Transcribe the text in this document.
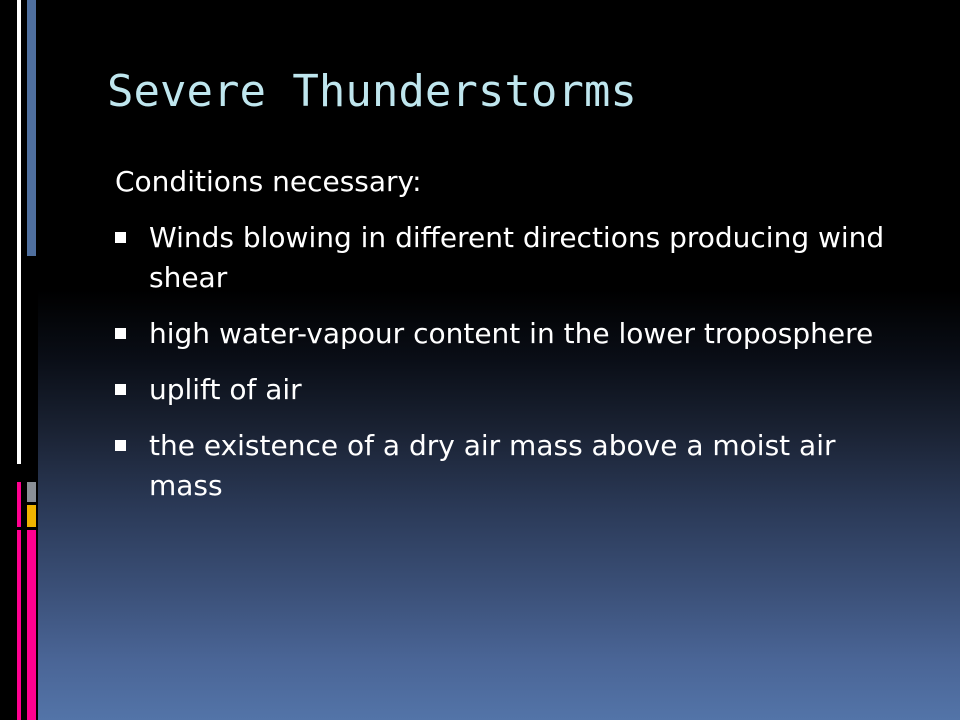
Severe Thunderstorms

Conditions necessary:

Winds blowing in different directions producing wind shear
high water-vapour content in the lower troposphere
uplift of air
the existence of a dry air mass above a moist air mass
